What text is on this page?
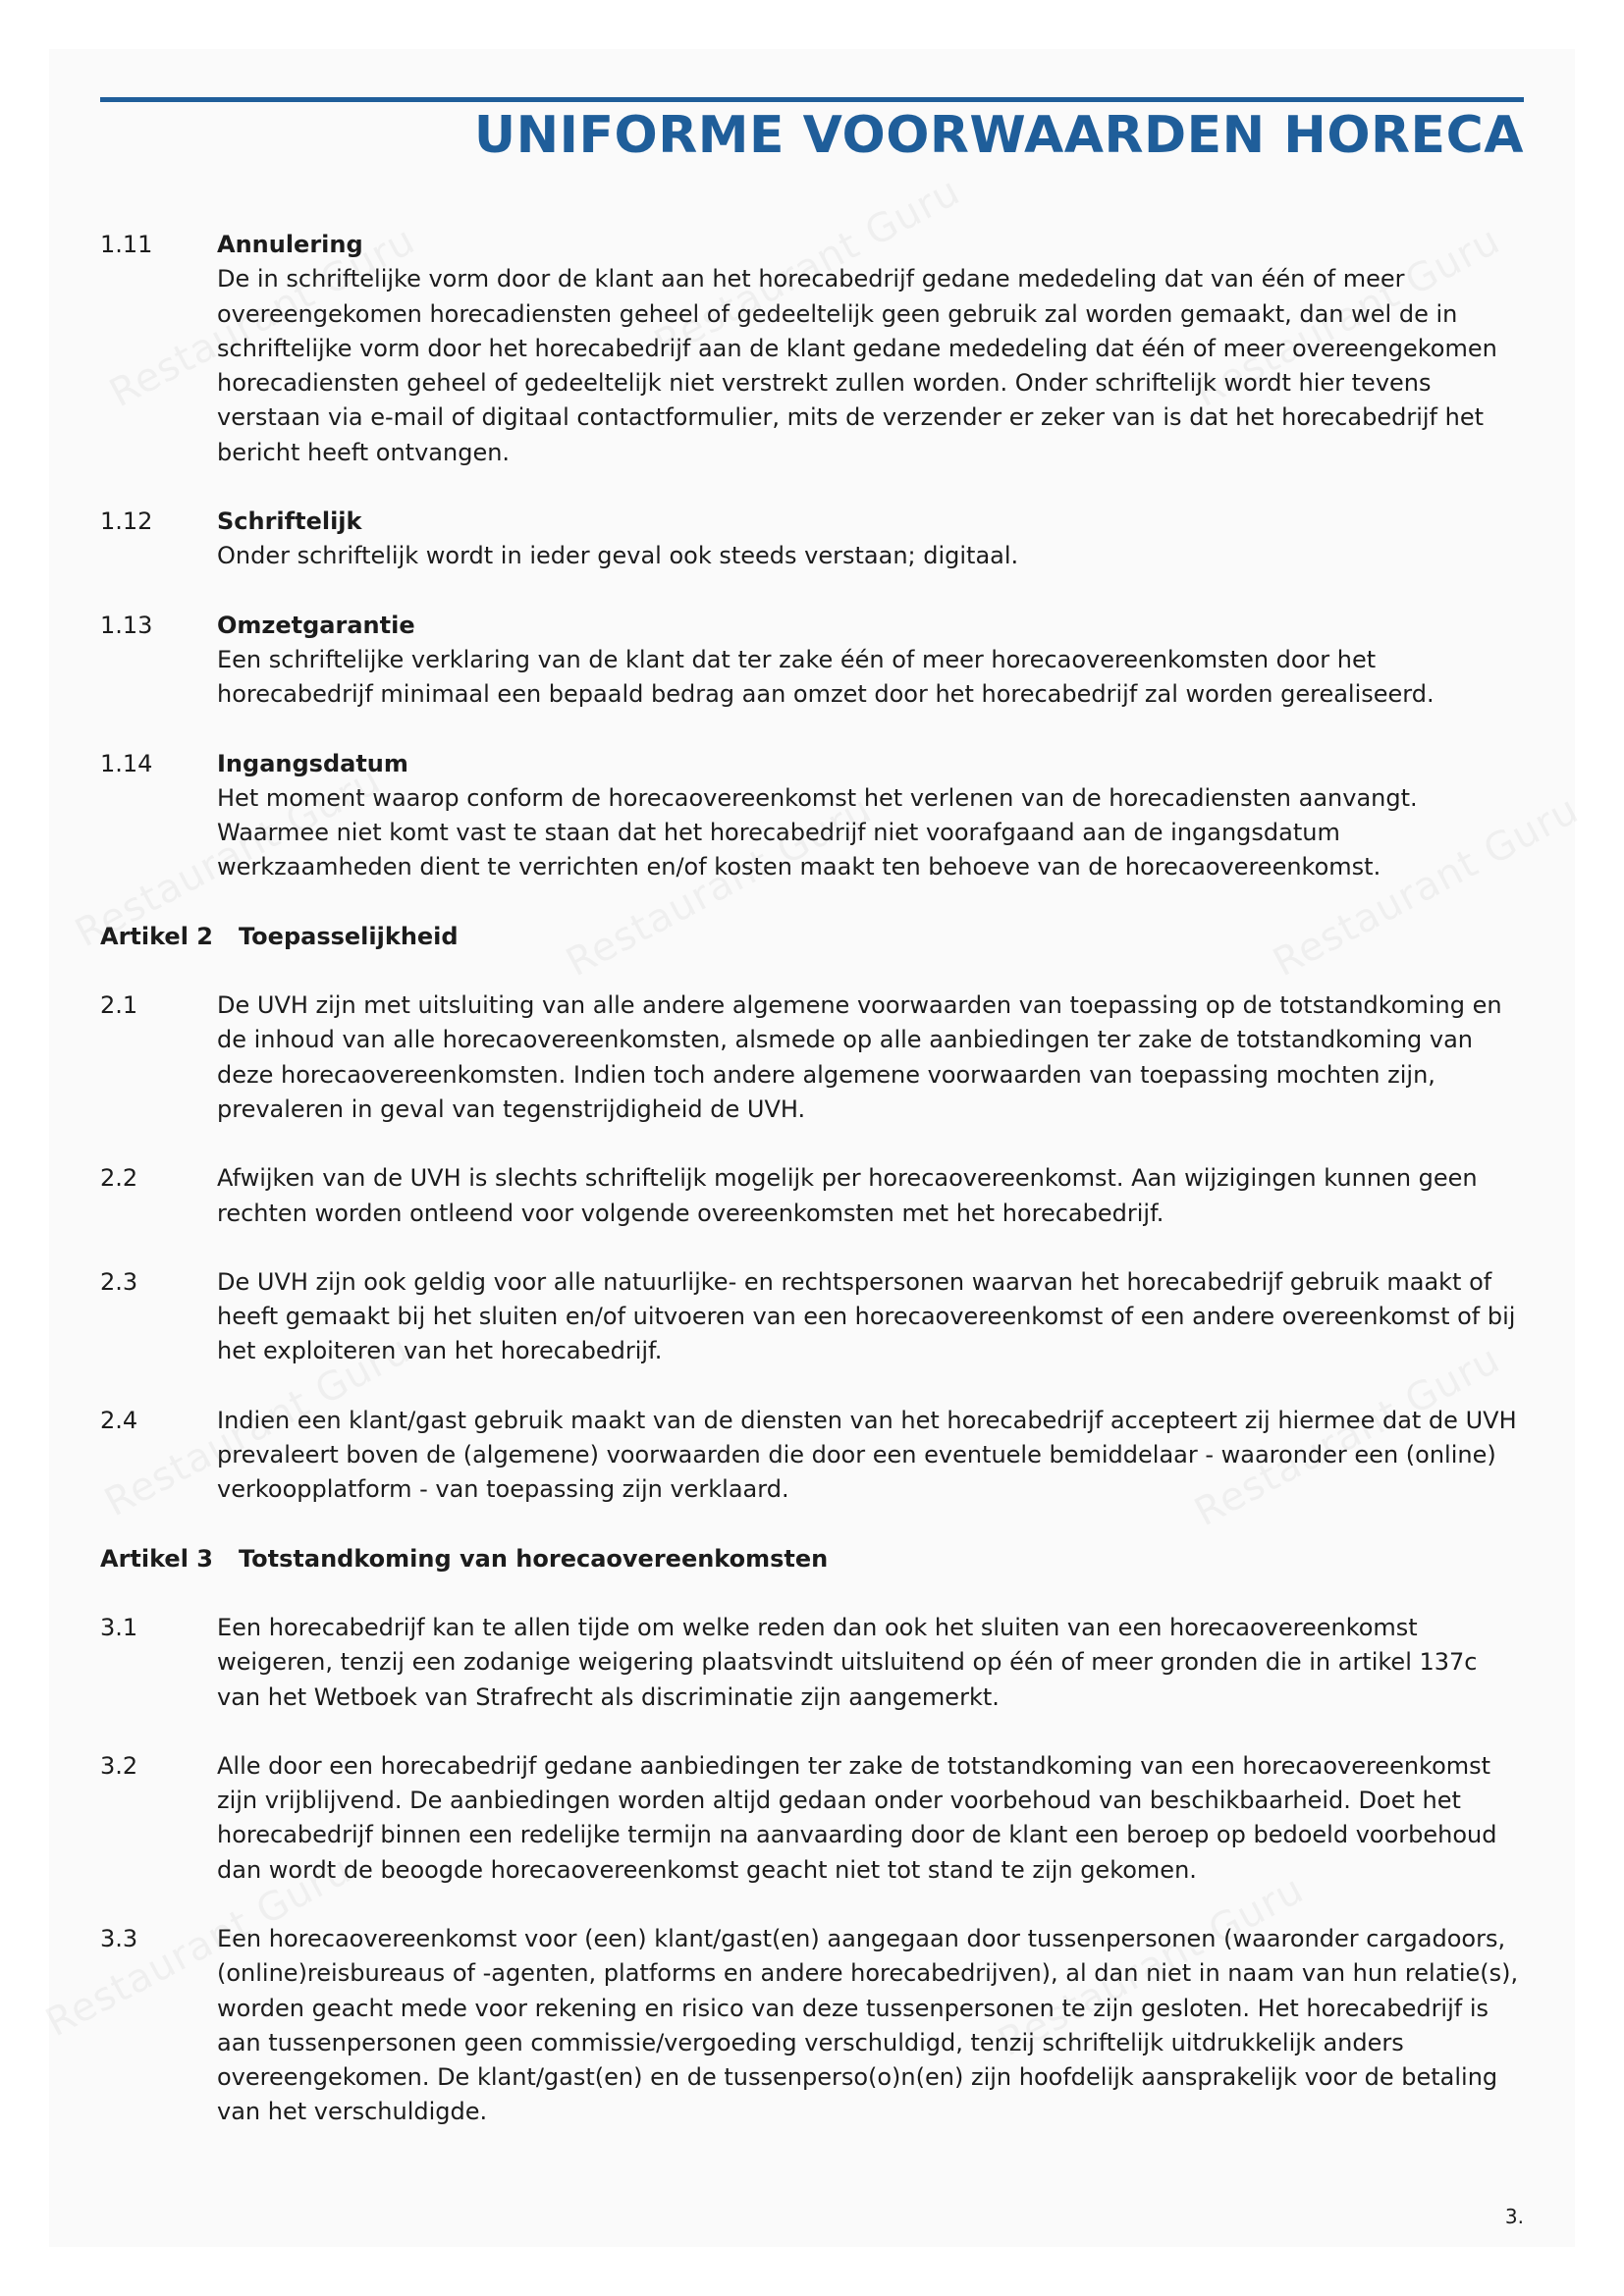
UNIFORME VOORWAARDEN HORECA
1.11	Annulering

De in schriftelijke vorm door de klant aan het horecabedrijf gedane mededeling dat van één of meer overeengekomen horecadiensten geheel of gedeeltelijk geen gebruik zal worden gemaakt, dan wel de in schriftelijke vorm door het horecabedrijf aan de klant gedane mededeling dat één of meer overeengekomen horecadiensten geheel of gedeeltelijk niet verstrekt zullen worden. Onder schriftelijk wordt hier tevens verstaan via e-mail of digitaal contactformulier, mits de verzender er zeker van is dat het horecabedrijf het bericht heeft ontvangen.

1.12	Schriftelijk

Onder schriftelijk wordt in ieder geval ook steeds verstaan; digitaal.

1.13	Omzetgarantie

Een schriftelijke verklaring van de klant dat ter zake één of meer horecaovereenkomsten door het horecabedrijf minimaal een bepaald bedrag aan omzet door het horecabedrijf zal worden gerealiseerd.

1.14	Ingangsdatum

Het moment waarop conform de horecaovereenkomst het verlenen van de horecadiensten aanvangt. Waarmee niet komt vast te staan dat het horecabedrijf niet voorafgaand aan de ingangsdatum werkzaamheden dient te verrichten en/of kosten maakt ten behoeve van de horecaovereenkomst.

Artikel 2	Toepasselijkheid
2.1	De UVH zijn met uitsluiting van alle andere algemene voorwaarden van toepassing op de totstandkoming en de inhoud van alle horecaovereenkomsten, alsmede op alle aanbiedingen ter zake de totstandkoming van deze horecaovereenkomsten. Indien toch andere algemene voorwaarden van toepassing mochten zijn, prevaleren in geval van tegenstrijdigheid de UVH.

2.2	Afwijken van de UVH is slechts schriftelijk mogelijk per horecaovereenkomst. Aan wijzigingen kunnen geen rechten worden ontleend voor volgende overeenkomsten met het horecabedrijf.

2.3	De UVH zijn ook geldig voor alle natuurlijke- en rechtspersonen waarvan het horecabedrijf gebruik maakt of heeft gemaakt bij het sluiten en/of uitvoeren van een horecaovereenkomst of een andere overeenkomst of bij het exploiteren van het horecabedrijf.

2.4	Indien een klant/gast gebruik maakt van de diensten van het horecabedrijf accepteert zij hiermee dat de UVH prevaleert boven de (algemene) voorwaarden die door een eventuele bemiddelaar - waaronder een (online) verkoopplatform - van toepassing zijn verklaard.

Artikel 3	Totstandkoming van horecaovereenkomsten
3.1	Een horecabedrijf kan te allen tijde om welke reden dan ook het sluiten van een horecaovereenkomst weigeren, tenzij een zodanige weigering plaatsvindt uitsluitend op één of meer gronden die in artikel 137c van het Wetboek van Strafrecht als discriminatie zijn aangemerkt.

3.2	Alle door een horecabedrijf gedane aanbiedingen ter zake de totstandkoming van een horecaovereenkomst zijn vrijblijvend. De aanbiedingen worden altijd gedaan onder voorbehoud van beschikbaarheid. Doet het horecabedrijf binnen een redelijke termijn na aanvaarding door de klant een beroep op bedoeld voorbehoud dan wordt de beoogde horecaovereenkomst geacht niet tot stand te zijn gekomen.

3.3	Een horecaovereenkomst voor (een) klant/gast(en) aangegaan door tussenpersonen (waaronder cargadoors, (online)reisbureaus of -agenten, platforms en andere horecabedrijven), al dan niet in naam van hun relatie(s), worden geacht mede voor rekening en risico van deze tussenpersonen te zijn gesloten. Het horecabedrijf is aan tussenpersonen geen commissie/vergoeding verschuldigd, tenzij schriftelijk uitdrukkelijk anders overeengekomen. De klant/gast(en) en de tussenperso(o)n(en) zijn hoofdelijk aansprakelijk voor de betaling van het verschuldigde.

3.
